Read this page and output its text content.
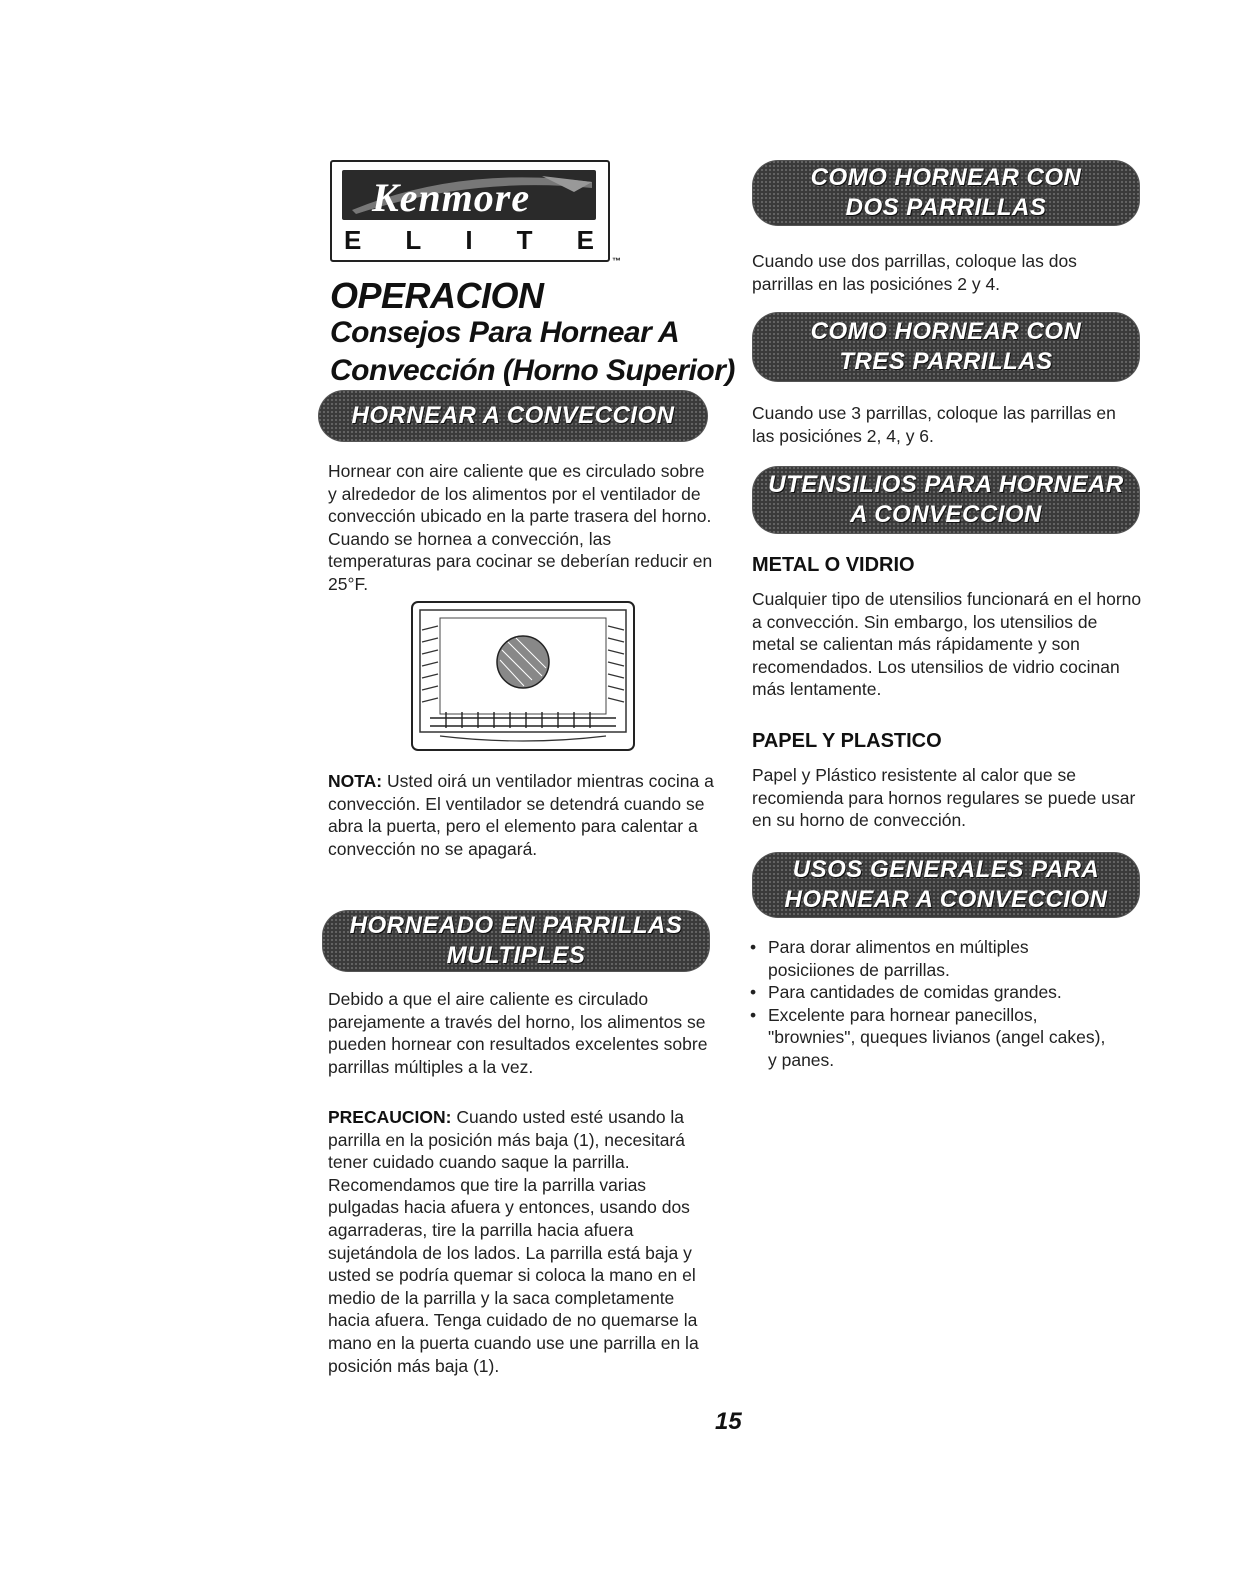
Kenmore
E L I T E
™
OPERACION
Consejos Para Hornear A
Convección (Horno Superior)
HORNEAR A CONVECCION
Hornear con aire caliente que es circulado sobre y alrededor de los alimentos por el ventilador de convección ubicado en la parte trasera del horno. Cuando se hornea a convección, las temperaturas para cocinar se deberían reducir en 25°F.
NOTA: Usted oirá un ventilador mientras cocina a convección. El ventilador se detendrá cuando se abra la puerta, pero el elemento para calentar a convección no se apagará.
HORNEADO EN PARRILLAS
MULTIPLES
Debido a que el aire caliente es circulado parejamente a través del horno, los alimentos se pueden hornear con resultados excelentes sobre parrillas múltiples a la vez.
PRECAUCION: Cuando usted esté usando la parrilla en la posición más baja (1), necesitará tener cuidado cuando saque la parrilla. Recomendamos que tire la parrilla varias pulgadas hacia afuera y entonces, usando dos agarraderas, tire la parrilla hacia afuera sujetándola de los lados. La parrilla está baja y usted se podría quemar si coloca la mano en el medio de la parrilla y la saca completamente hacia afuera. Tenga cuidado de no quemarse la mano en la puerta cuando use une parrilla en la posición más baja (1).
COMO HORNEAR CON
DOS PARRILLAS
Cuando use dos parrillas, coloque las dos parrillas en las posiciónes 2 y 4.
COMO HORNEAR CON
TRES PARRILLAS
Cuando use 3 parrillas, coloque las parrillas en las posiciónes 2, 4, y 6.
UTENSILIOS PARA HORNEAR
A CONVECCION
METAL O VIDRIO
Cualquier tipo de utensilios funcionará en el horno a convección. Sin embargo, los utensilios de metal se calientan más rápidamente y son recomendados. Los utensilios de vidrio cocinan más lentamente.
PAPEL Y PLASTICO
Papel y Plástico resistente al calor que se recomienda para hornos regulares se puede usar en su horno de convección.
USOS GENERALES PARA
HORNEAR A CONVECCION
• Para dorar alimentos en múltiples posiciiones de parrillas.
• Para cantidades de comidas grandes.
• Excelente para hornear panecillos, "brownies", queques livianos (angel cakes), y panes.
15
